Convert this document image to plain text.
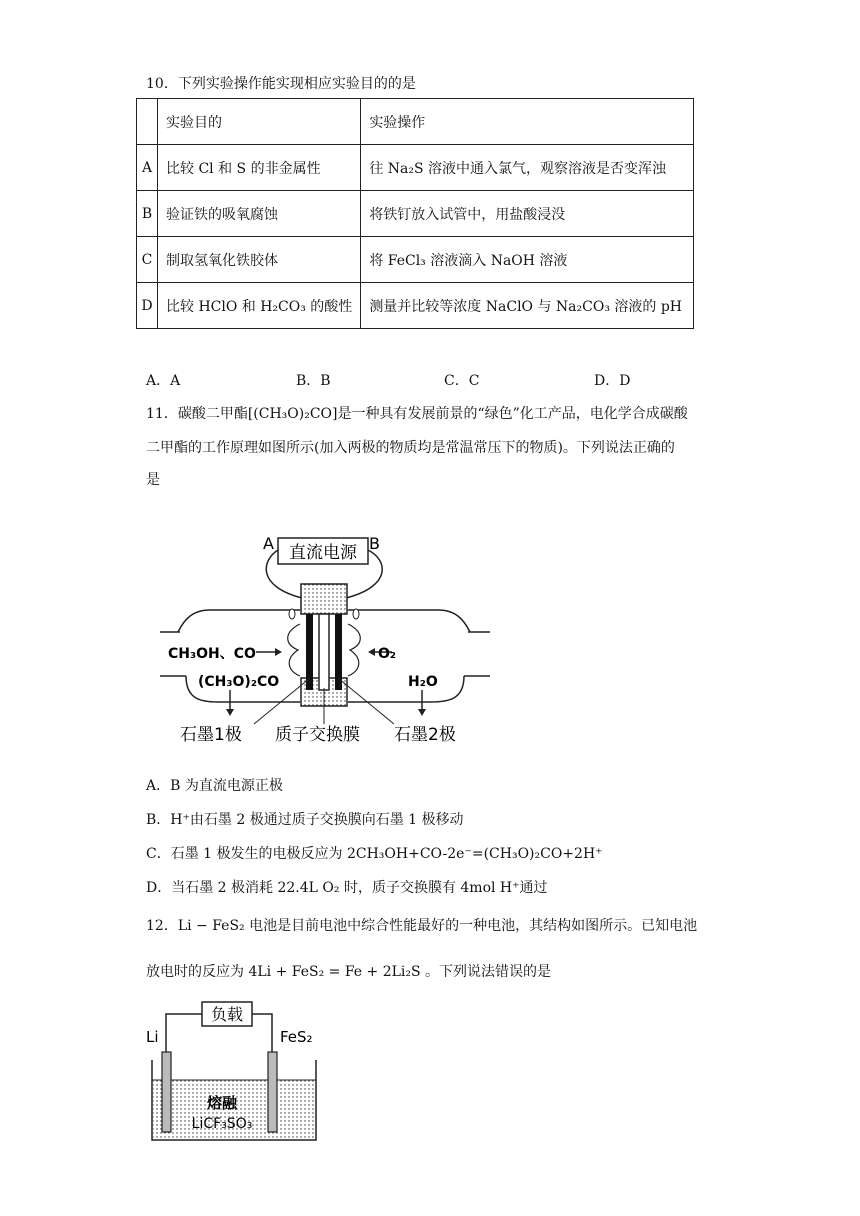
10．下列实验操作能实现相应实验目的的是
	实验目的	实验操作
A	比较 Cl 和 S 的非金属性	往 Na₂S 溶液中通入氯气，观察溶液是否变浑浊
B	验证铁的吸氧腐蚀	将铁钉放入试管中，用盐酸浸没
C	制取氢氧化铁胶体	将 FeCl₃ 溶液滴入 NaOH 溶液
D	比较 HClO 和 H₂CO₃ 的酸性	测量并比较等浓度 NaClO 与 Na₂CO₃ 溶液的 pH
A．A	B．B	C．C	D．D
11．碳酸二甲酯[(CH₃O)₂CO]是一种具有发展前景的“绿色”化工产品，电化学合成碳酸
二甲酯的工作原理如图所示(加入两极的物质均是常温常压下的物质)。下列说法正确的
是
直流电源
A	B
CH₃OH、CO
(CH₃O)₂CO
O₂
H₂O
石墨1极 质子交换膜 石墨2极
A．B 为直流电源正极
B．H⁺由石墨 2 极通过质子交换膜向石墨 1 极移动
C．石墨 1 极发生的电极反应为 2CH₃OH+CO-2e⁻=(CH₃O)₂CO+2H⁺
D．当石墨 2 极消耗 22.4L O₂ 时，质子交换膜有 4mol H⁺通过
12．Li − FeS₂ 电池是目前电池中综合性能最好的一种电池，其结构如图所示。已知电池
放电时的反应为 4Li + FeS₂ = Fe + 2Li₂S 。下列说法错误的是
负载
Li	FeS₂
熔融
LiCF₃SO₃
